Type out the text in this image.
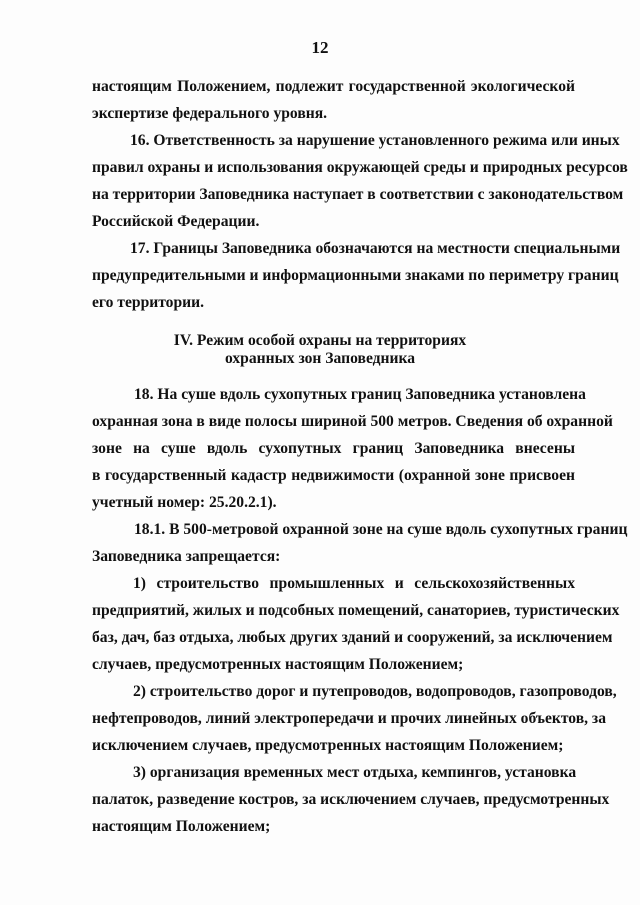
12
настоящим Положением, подлежит государственной экологической
экспертизе федерального уровня.
16. Ответственность за нарушение установленного режима или иных
правил охраны и использования окружающей среды и природных ресурсов
на территории Заповедника наступает в соответствии с законодательством
Российской Федерации.
17. Границы Заповедника обозначаются на местности специальными
предупредительными и информационными знаками по периметру границ
его территории.
IV. Режим особой охраны на территориях
охранных зон Заповедника
18. На суше вдоль сухопутных границ Заповедника установлена
охранная зона в виде полосы шириной 500 метров. Сведения об охранной
зоне на суше вдоль сухопутных границ Заповедника внесены
в государственный кадастр недвижимости (охранной зоне присвоен
учетный номер: 25.20.2.1).
18.1. В 500-метровой охранной зоне на суше вдоль сухопутных границ
Заповедника запрещается:
1) строительство промышленных и сельскохозяйственных
предприятий, жилых и подсобных помещений, санаториев, туристических
баз, дач, баз отдыха, любых других зданий и сооружений, за исключением
случаев, предусмотренных настоящим Положением;
2) строительство дорог и путепроводов, водопроводов, газопроводов,
нефтепроводов, линий электропередачи и прочих линейных объектов, за
исключением случаев, предусмотренных настоящим Положением;
3) организация временных мест отдыха, кемпингов, установка
палаток, разведение костров, за исключением случаев, предусмотренных
настоящим Положением;
